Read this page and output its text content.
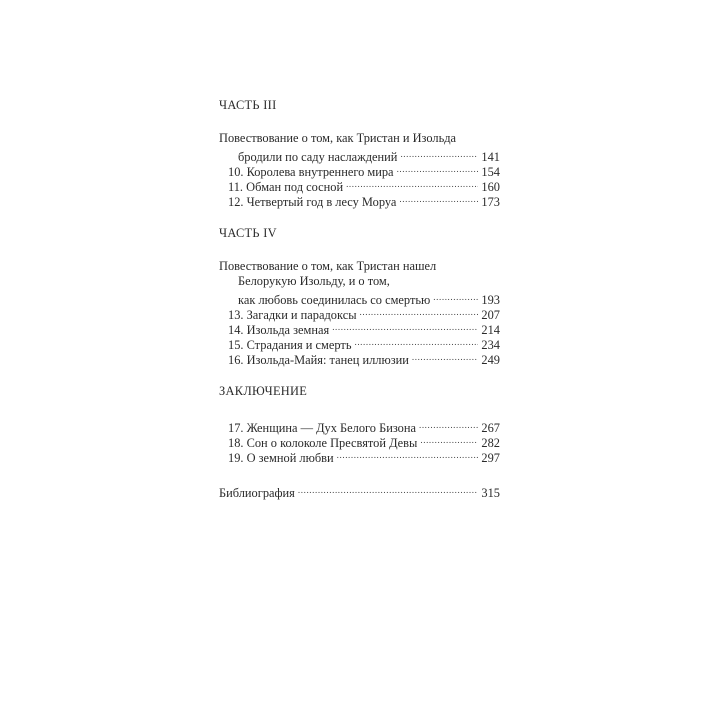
ЧАСТЬ III
Повествование о том, как Тристан и Изольда
бродили по саду наслаждений .....	141
10. Королева внутреннего мира .....	154
11. Обман под сосной .....	160
12. Четвертый год в лесу Моруа .....	173
ЧАСТЬ IV
Повествование о том, как Тристан нашел
Белорукую Изольду, и о том,
как любовь соединилась со смертью .....	193
13. Загадки и парадоксы .....	207
14. Изольда земная .....	214
15. Страдания и смерть .....	234
16. Изольда-Майя: танец иллюзии .....	249
ЗАКЛЮЧЕНИЕ
17. Женщина — Дух Белого Бизона .....	267
18. Сон о колоколе Пресвятой Девы .....	282
19. О земной любви .....	297
Библиография .....	315
